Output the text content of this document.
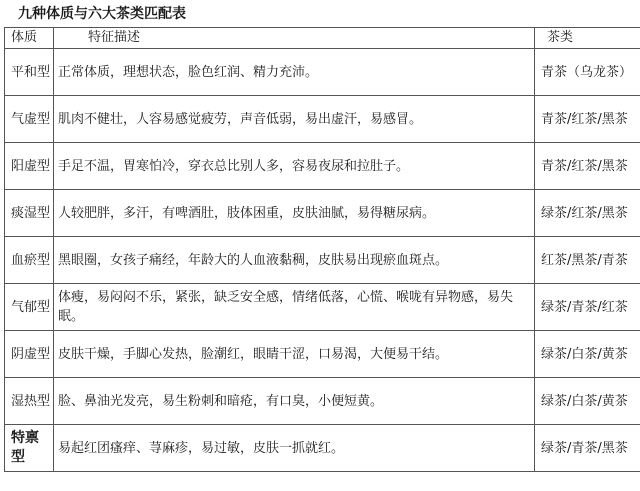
九种体质与六大茶类匹配表
体质	特征描述	茶类
平和型	正常体质，理想状态，脸色红润、精力充沛。	青茶（乌龙茶）
气虚型	肌肉不健壮，人容易感觉疲劳，声音低弱，易出虚汗，易感冒。	青茶/红茶/黑茶
阳虚型	手足不温，胃寒怕冷，穿衣总比别人多，容易夜尿和拉肚子。	青茶/红茶/黑茶
痰湿型	人较肥胖，多汗，有啤酒肚，肢体困重，皮肤油腻，易得糖尿病。	绿茶/红茶/黑茶
血瘀型	黑眼圈，女孩子痛经，年龄大的人血液黏稠，皮肤易出现瘀血斑点。	红茶/黑茶/青茶
气郁型	体瘦，易闷闷不乐，紧张，缺乏安全感，情绪低落，心慌、喉咙有异物感，易失眠。	绿茶/青茶/红茶
阴虚型	皮肤干燥，手脚心发热，脸潮红，眼睛干涩，口易渴，大便易干结。	绿茶/白茶/黄茶
湿热型	脸、鼻油光发亮，易生粉刺和暗疮，有口臭，小便短黄。	绿茶/白茶/黄茶
特禀型	易起红团瘙痒、荨麻疹，易过敏，皮肤一抓就红。	绿茶/青茶/黑茶
